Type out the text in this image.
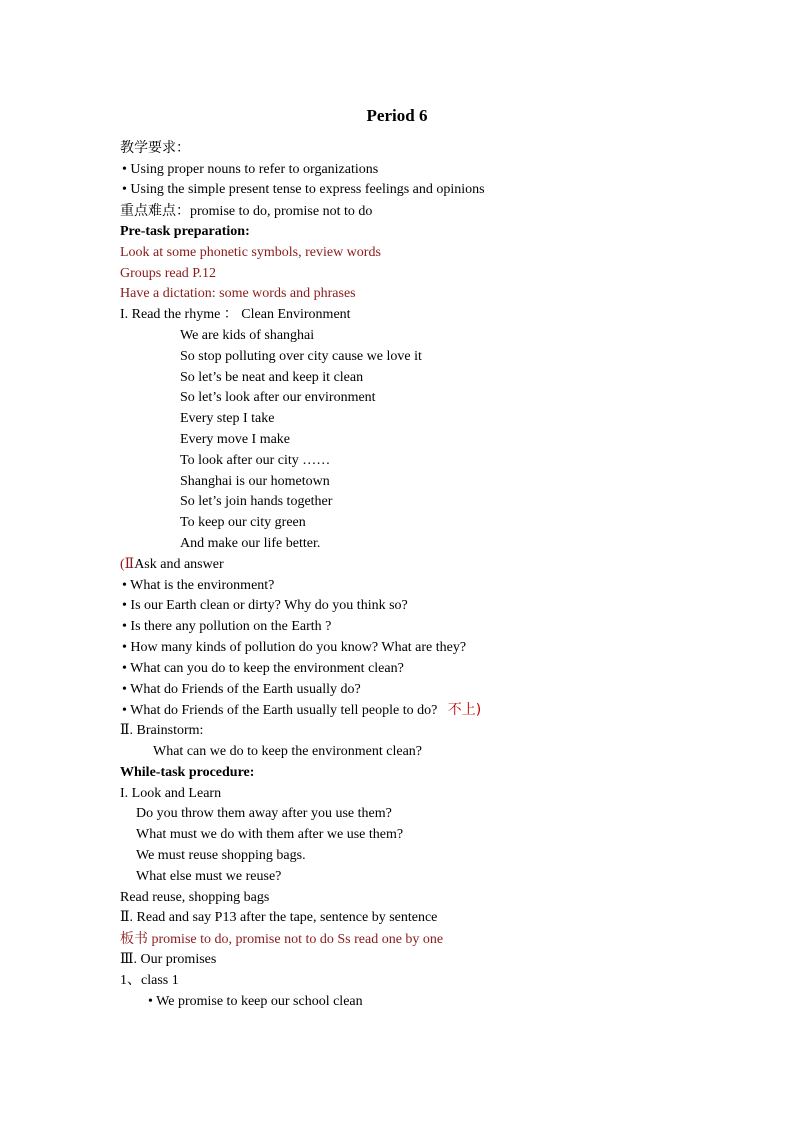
Period 6
教学要求：
• Using proper nouns to refer to organizations
• Using the simple present tense to express feelings and opinions
重点难点：promise to do, promise not to do
Pre-task preparation:
Look at some phonetic symbols, review words
Groups read P.12
Have a dictation: some words and phrases
I. Read the rhyme ： Clean Environment
We are kids of shanghai
So stop polluting over city cause we love it
So let’s be neat and keep it clean
So let’s look after our environment
Every step I take
Every move I make
To look after our city ……
Shanghai is our hometown
So let’s join hands together
To keep our city green
And make our life better.
(ⅡAsk and answer
• What is the environment?
• Is our Earth clean or dirty? Why do you think so?
• Is there any pollution on the Earth ?
• How many kinds of pollution do you know? What are they?
• What can you do to keep the environment clean?
• What do Friends of the Earth usually do?
• What do Friends of the Earth usually tell people to do? 不上)
Ⅱ. Brainstorm:
What can we do to keep the environment clean?
While-task procedure:
I. Look and Learn
Do you throw them away after you use them?
What must we do with them after we use them?
We must reuse shopping bags.
What else must we reuse?
Read reuse, shopping bags
Ⅱ. Read and say P13 after the tape, sentence by sentence
板书 promise to do, promise not to do Ss read one by one
Ⅲ. Our promises
1、class 1
• We promise to keep our school clean
